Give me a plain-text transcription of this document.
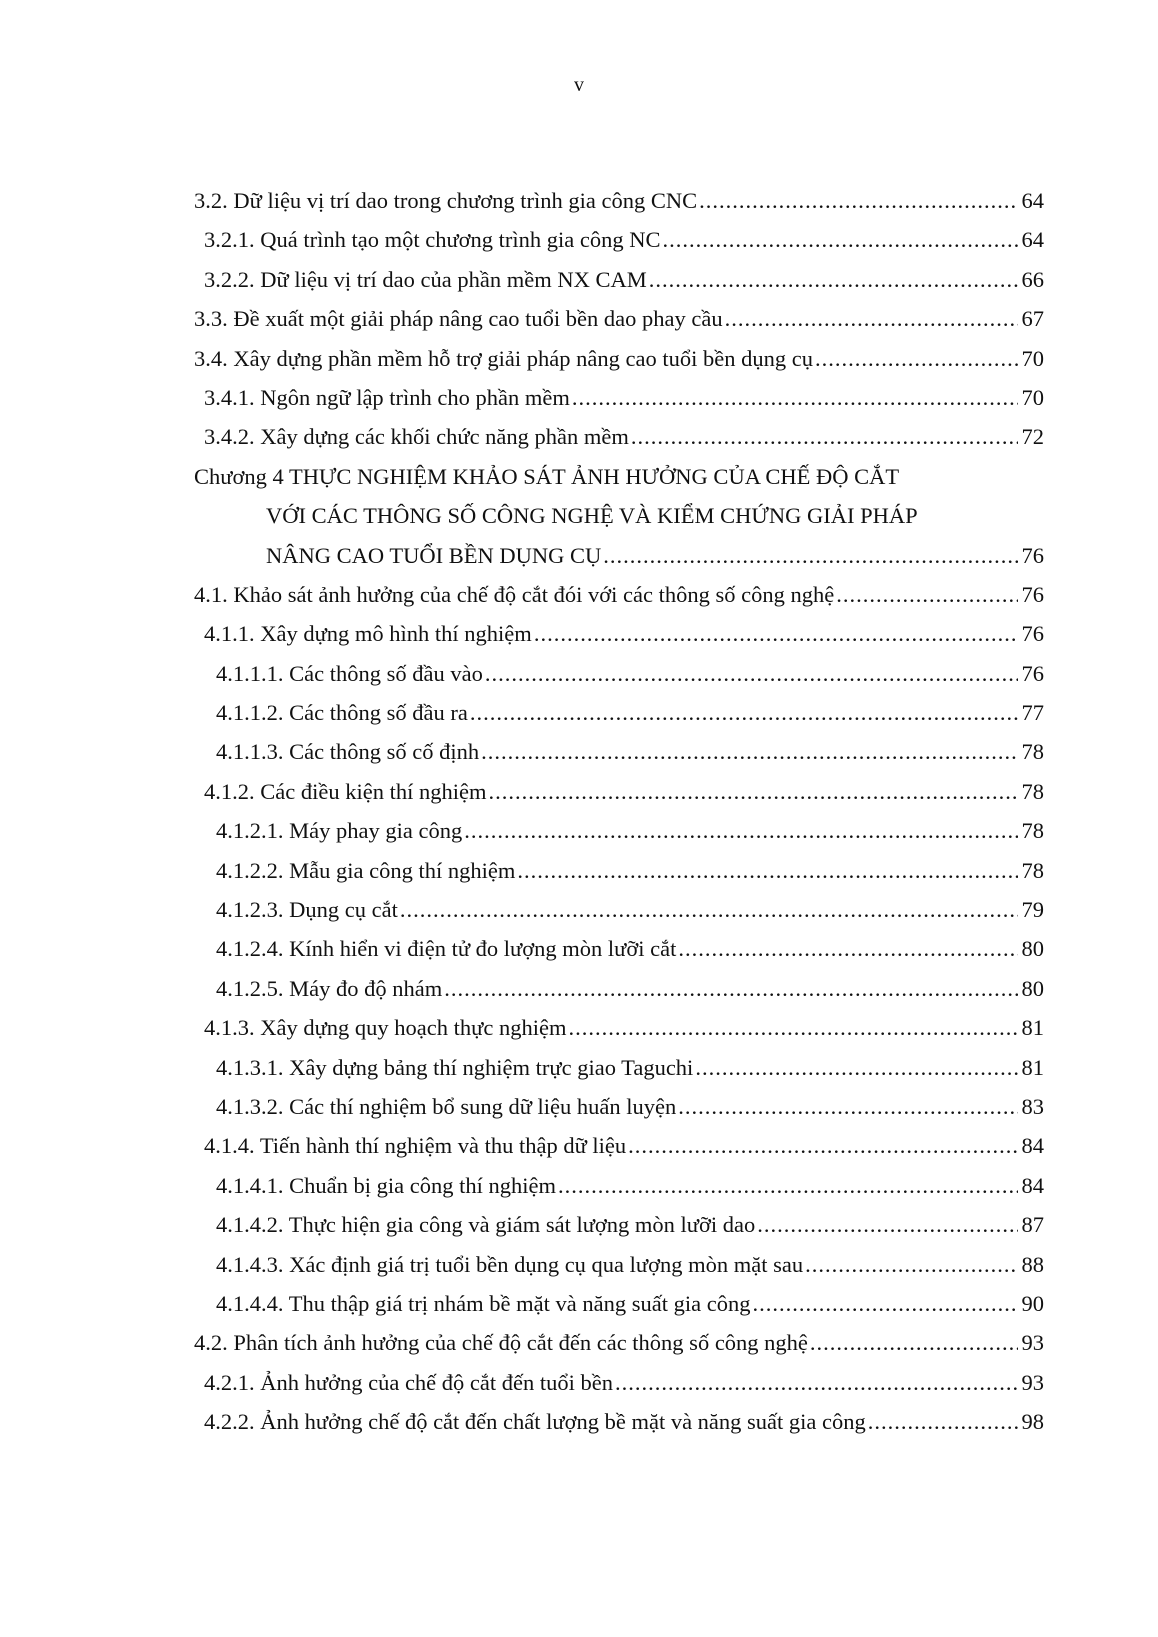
v
3.2. Dữ liệu vị trí dao trong chương trình gia công CNC .....	64
3.2.1. Quá trình tạo một chương trình gia công NC .....	64
3.2.2. Dữ liệu vị trí dao của phần mềm NX CAM .....	66
3.3. Đề xuất một giải pháp nâng cao tuổi bền dao phay cầu .....	67
3.4. Xây dựng phần mềm hỗ trợ giải pháp nâng cao tuổi bền dụng cụ .....	70
3.4.1. Ngôn ngữ lập trình cho phần mềm .....	70
3.4.2. Xây dựng các khối chức năng phần mềm .....	72
Chương 4 THỰC NGHIỆM KHẢO SÁT ẢNH HƯỞNG CỦA CHẾ ĐỘ CẮT
VỚI CÁC THÔNG SỐ CÔNG NGHỆ VÀ KIỂM CHỨNG GIẢI PHÁP
NÂNG CAO TUỔI BỀN DỤNG CỤ .....	76
4.1. Khảo sát ảnh hưởng của chế độ cắt đói với các thông số công nghệ .....	76
4.1.1. Xây dựng mô hình thí nghiệm .....	76
4.1.1.1. Các thông số đầu vào .....	76
4.1.1.2. Các thông số đầu ra .....	77
4.1.1.3. Các thông số cố định .....	78
4.1.2. Các điều kiện thí nghiệm .....	78
4.1.2.1. Máy phay gia công .....	78
4.1.2.2. Mẫu gia công thí nghiệm .....	78
4.1.2.3. Dụng cụ cắt .....	79
4.1.2.4. Kính hiển vi điện tử đo lượng mòn lưỡi cắt .....	80
4.1.2.5. Máy đo độ nhám .....	80
4.1.3. Xây dựng quy hoạch thực nghiệm .....	81
4.1.3.1. Xây dựng bảng thí nghiệm trực giao Taguchi .....	81
4.1.3.2. Các thí nghiệm bổ sung dữ liệu huấn luyện .....	83
4.1.4. Tiến hành thí nghiệm và thu thập dữ liệu .....	84
4.1.4.1. Chuẩn bị gia công thí nghiệm .....	84
4.1.4.2. Thực hiện gia công và giám sát lượng mòn lưỡi dao .....	87
4.1.4.3. Xác định giá trị tuổi bền dụng cụ qua lượng mòn mặt sau .....	88
4.1.4.4. Thu thập giá trị nhám bề mặt và năng suất gia công .....	90
4.2. Phân tích ảnh hưởng của chế độ cắt đến các thông số công nghệ .....	93
4.2.1. Ảnh hưởng của chế độ cắt đến tuổi bền .....	93
4.2.2. Ảnh hưởng chế độ cắt đến chất lượng bề mặt và năng suất gia công .....	98
